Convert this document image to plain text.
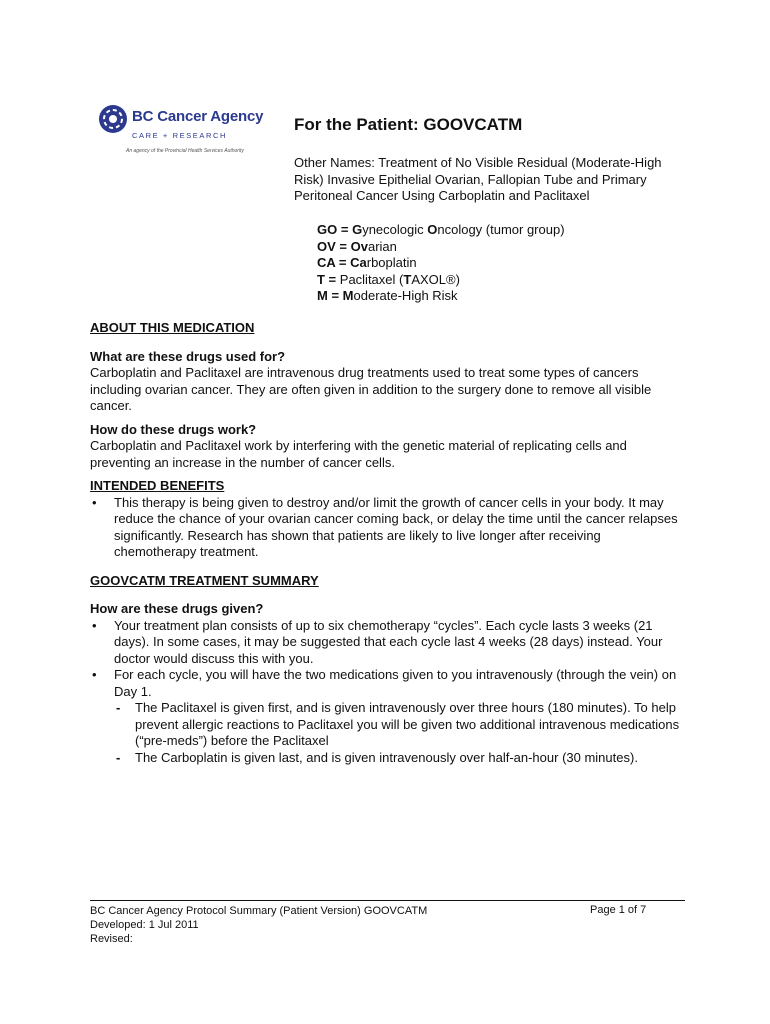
BC Cancer Agency
CARE + RESEARCH
An agency of the Provincial Health Services Authority
For the Patient: GOOVCATM
Other Names: Treatment of No Visible Residual (Moderate-High Risk) Invasive Epithelial Ovarian, Fallopian Tube and Primary Peritoneal Cancer Using Carboplatin and Paclitaxel
GO = Gynecologic Oncology (tumor group)
OV = Ovarian
CA = Carboplatin
T = Paclitaxel (TAXOL®)
M = Moderate-High Risk

ABOUT THIS MEDICATION

What are these drugs used for?

Carboplatin and Paclitaxel are intravenous drug treatments used to treat some types of cancers including ovarian cancer. They are often given in addition to the surgery done to remove all visible cancer.

How do these drugs work?

Carboplatin and Paclitaxel work by interfering with the genetic material of replicating cells and preventing an increase in the number of cancer cells.

INTENDED BENEFITS

• This therapy is being given to destroy and/or limit the growth of cancer cells in your body. It may reduce the chance of your ovarian cancer coming back, or delay the time until the cancer relapses significantly. Research has shown that patients are likely to live longer after receiving chemotherapy treatment.

GOOVCATM TREATMENT SUMMARY

How are these drugs given?

• Your treatment plan consists of up to six chemotherapy “cycles”. Each cycle lasts 3 weeks (21 days). In some cases, it may be suggested that each cycle last 4 weeks (28 days) instead. Your doctor would discuss this with you.
• For each cycle, you will have the two medications given to you intravenously (through the vein) on Day 1.
- The Paclitaxel is given first, and is given intravenously over three hours (180 minutes). To help prevent allergic reactions to Paclitaxel you will be given two additional intravenous medications (“pre-meds”) before the Paclitaxel
- The Carboplatin is given last, and is given intravenously over half-an-hour (30 minutes).
BC Cancer Agency Protocol Summary (Patient Version) GOOVCATM
Developed: 1 Jul 2011
Revised:
Page 1 of 7
